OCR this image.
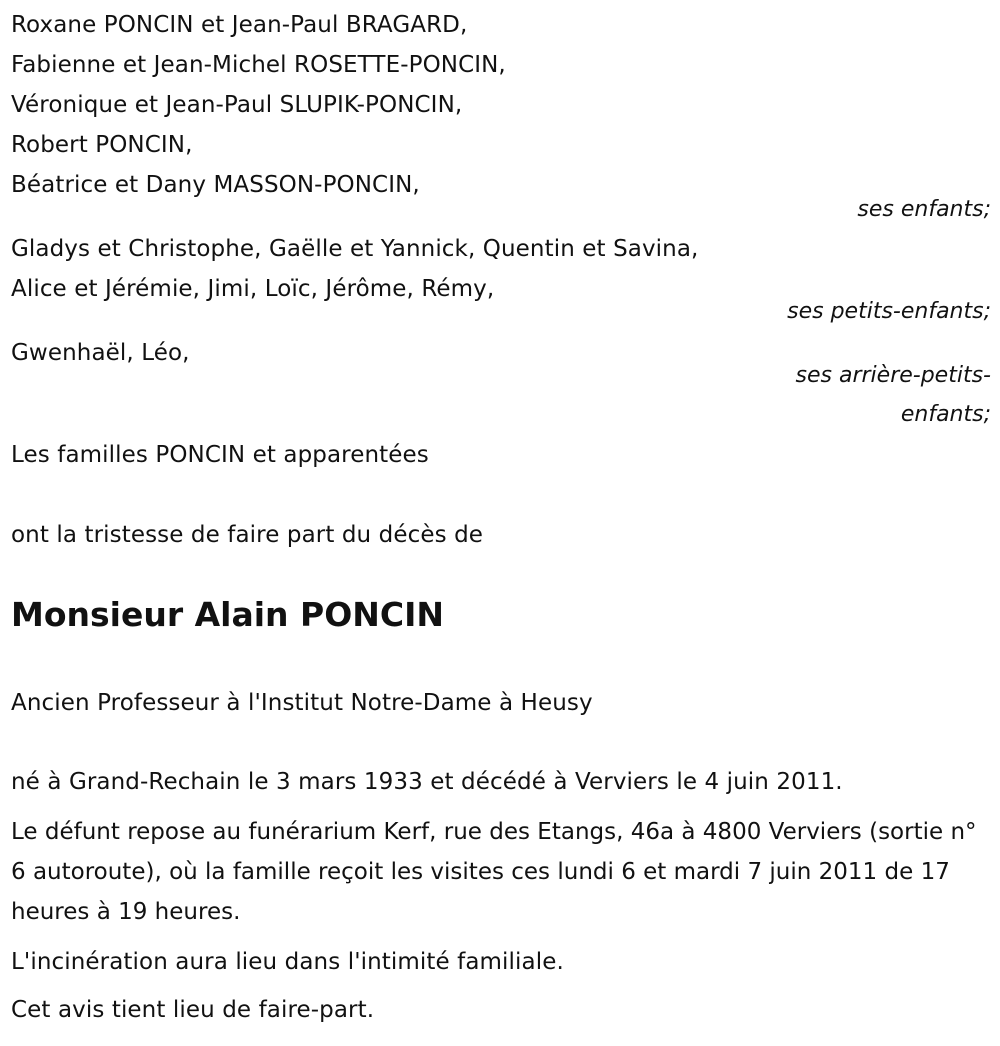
Roxane PONCIN et Jean-Paul BRAGARD,
Fabienne et Jean-Michel ROSETTE-PONCIN,
Véronique et Jean-Paul SLUPIK-PONCIN,
Robert PONCIN,
Béatrice et Dany MASSON-PONCIN,
ses enfants;
Gladys et Christophe, Gaëlle et Yannick, Quentin et Savina,
Alice et Jérémie, Jimi, Loïc, Jérôme, Rémy,
ses petits-enfants;
Gwenhaël, Léo,
ses arrière-petits-
enfants;
Les familles PONCIN et apparentées
ont la tristesse de faire part du décès de
Monsieur Alain PONCIN
Ancien Professeur à l'Institut Notre-Dame à Heusy
né à Grand-Rechain le 3 mars 1933 et décédé à Verviers le 4 juin 2011.
Le défunt repose au funérarium Kerf, rue des Etangs, 46a à 4800 Verviers (sortie n° 6 autoroute), où la famille reçoit les visites ces lundi 6 et mardi 7 juin 2011 de 17 heures à 19 heures.
L'incinération aura lieu dans l'intimité familiale.
Cet avis tient lieu de faire-part.
